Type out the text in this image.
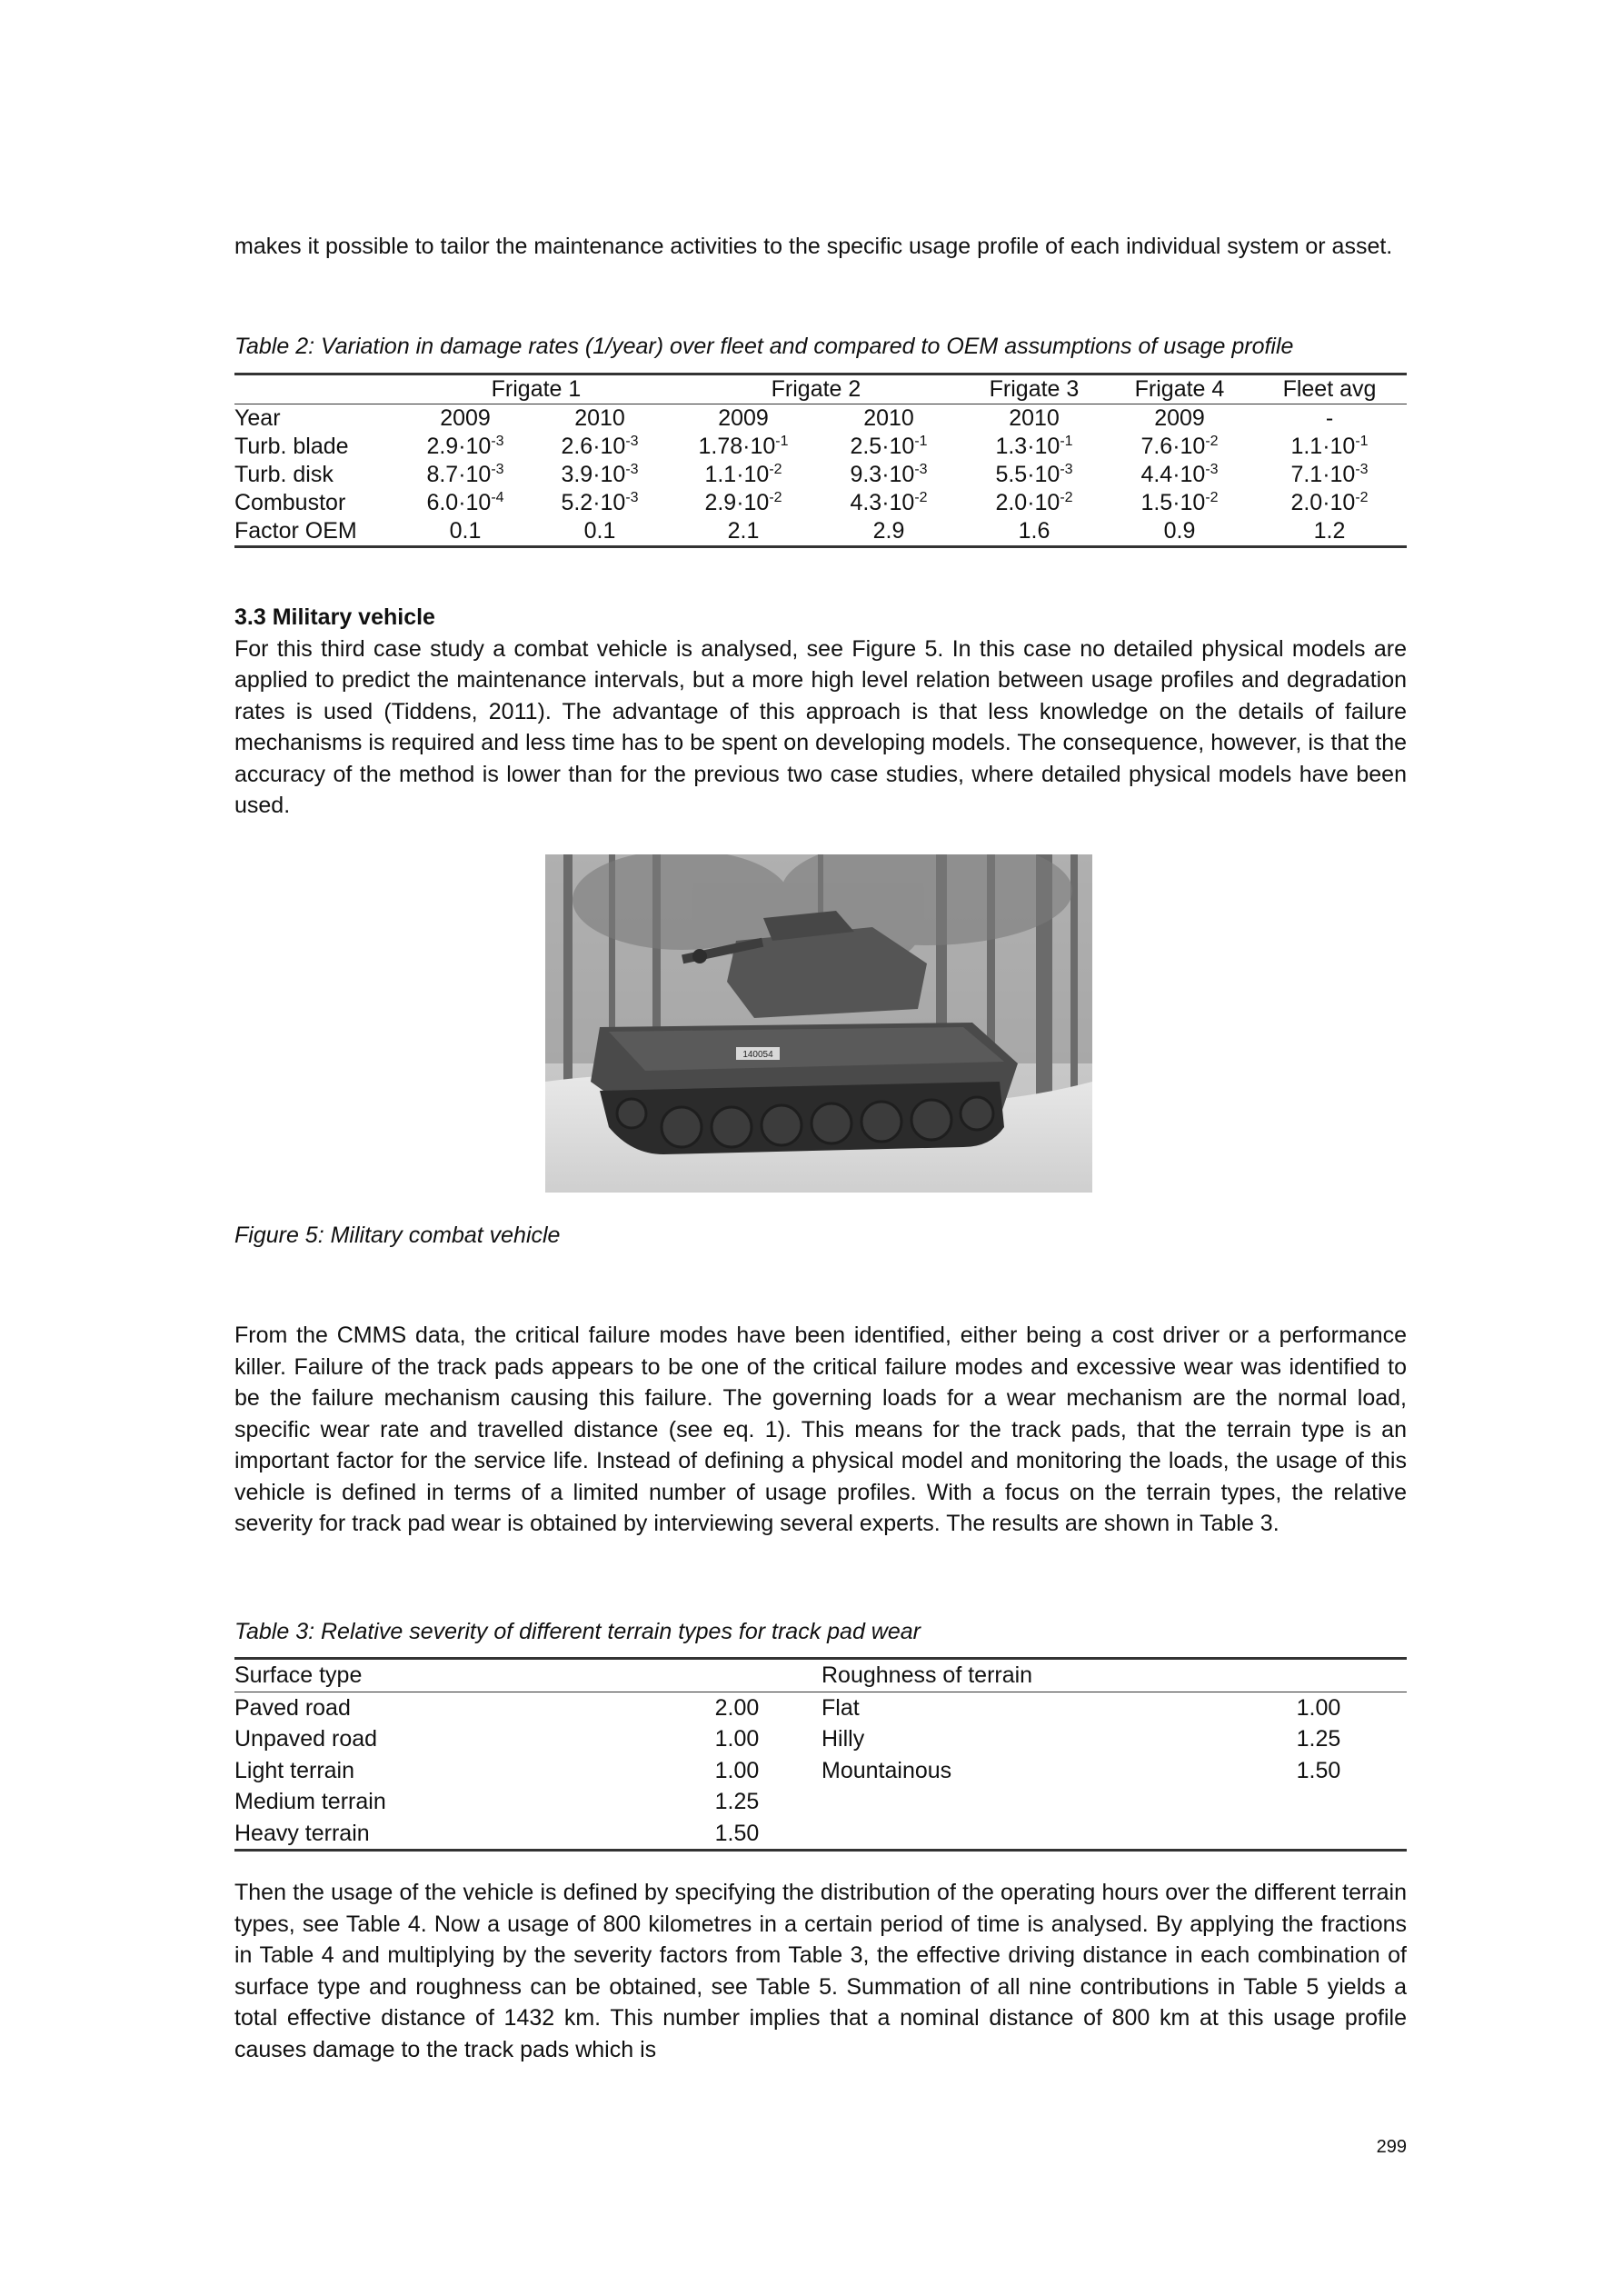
makes it possible to tailor the maintenance activities to the specific usage profile of each individual system or asset.

Table 2: Variation in damage rates (1/year) over fleet and compared to OEM assumptions of usage profile
	Frigate 1		Frigate 2		Frigate 3	Frigate 4	Fleet avg
Year	2009	2010	2009	2010	2010	2009	-
Turb. blade	$2.9\cdot 10^{-3}$	$2.6\cdot 10^{-3}$	$1.78\cdot 10^{-1}$	$2.5\cdot 10^{-1}$	$1.3\cdot 10^{-1}$	$7.6\cdot 10^{-2}$	$1.1\cdot 10^{-1}$
Turb. disk	$8.7\cdot 10^{-3}$	$3.9\cdot 10^{-3}$	$1.1\cdot 10^{-2}$	$9.3\cdot 10^{-3}$	$5.5\cdot 10^{-3}$	$4.4\cdot 10^{-3}$	$7.1\cdot 10^{-3}$
Combustor	$6.0\cdot 10^{-4}$	$5.2\cdot 10^{-3}$	$2.9\cdot 10^{-2}$	$4.3\cdot 10^{-2}$	$2.0\cdot 10^{-2}$	$1.5\cdot 10^{-2}$	$2.0\cdot 10^{-2}$
Factor OEM	0.1	0.1	2.1	2.9	1.6	0.9	1.2
3.3 Military vehicle

For this third case study a combat vehicle is analysed, see Figure 5. In this case no detailed physical models are applied to predict the maintenance intervals, but a more high level relation between usage profiles and degradation rates is used (Tiddens, 2011). The advantage of this approach is that less knowledge on the details of failure mechanisms is required and less time has to be spent on developing models. The consequence, however, is that the accuracy of the method is lower than for the previous two case studies, where detailed physical models have been used.

140054
Figure 5: Military combat vehicle

From the CMMS data, the critical failure modes have been identified, either being a cost driver or a performance killer. Failure of the track pads appears to be one of the critical failure modes and excessive wear was identified to be the failure mechanism causing this failure. The governing loads for a wear mechanism are the normal load, specific wear rate and travelled distance (see eq. 1). This means for the track pads, that the terrain type is an important factor for the service life. Instead of defining a physical model and monitoring the loads, the usage of this vehicle is defined in terms of a limited number of usage profiles. With a focus on the terrain types, the relative severity for track pad wear is obtained by interviewing several experts. The results are shown in Table 3.

Table 3: Relative severity of different terrain types for track pad wear
Surface type		Roughness of terrain	
Paved road	2.00	Flat	1.00
Unpaved road	1.00	Hilly	1.25
Light terrain	1.00	Mountainous	1.50
Medium terrain	1.25		
Heavy terrain	1.50		

Then the usage of the vehicle is defined by specifying the distribution of the operating hours over the different terrain types, see Table 4. Now a usage of 800 kilometres in a certain period of time is analysed. By applying the fractions in Table 4 and multiplying by the severity factors from Table 3, the effective driving distance in each combination of surface type and roughness can be obtained, see Table 5. Summation of all nine contributions in Table 5 yields a total effective distance of 1432 km. This number implies that a nominal distance of 800 km at this usage profile causes damage to the track pads which is

299
